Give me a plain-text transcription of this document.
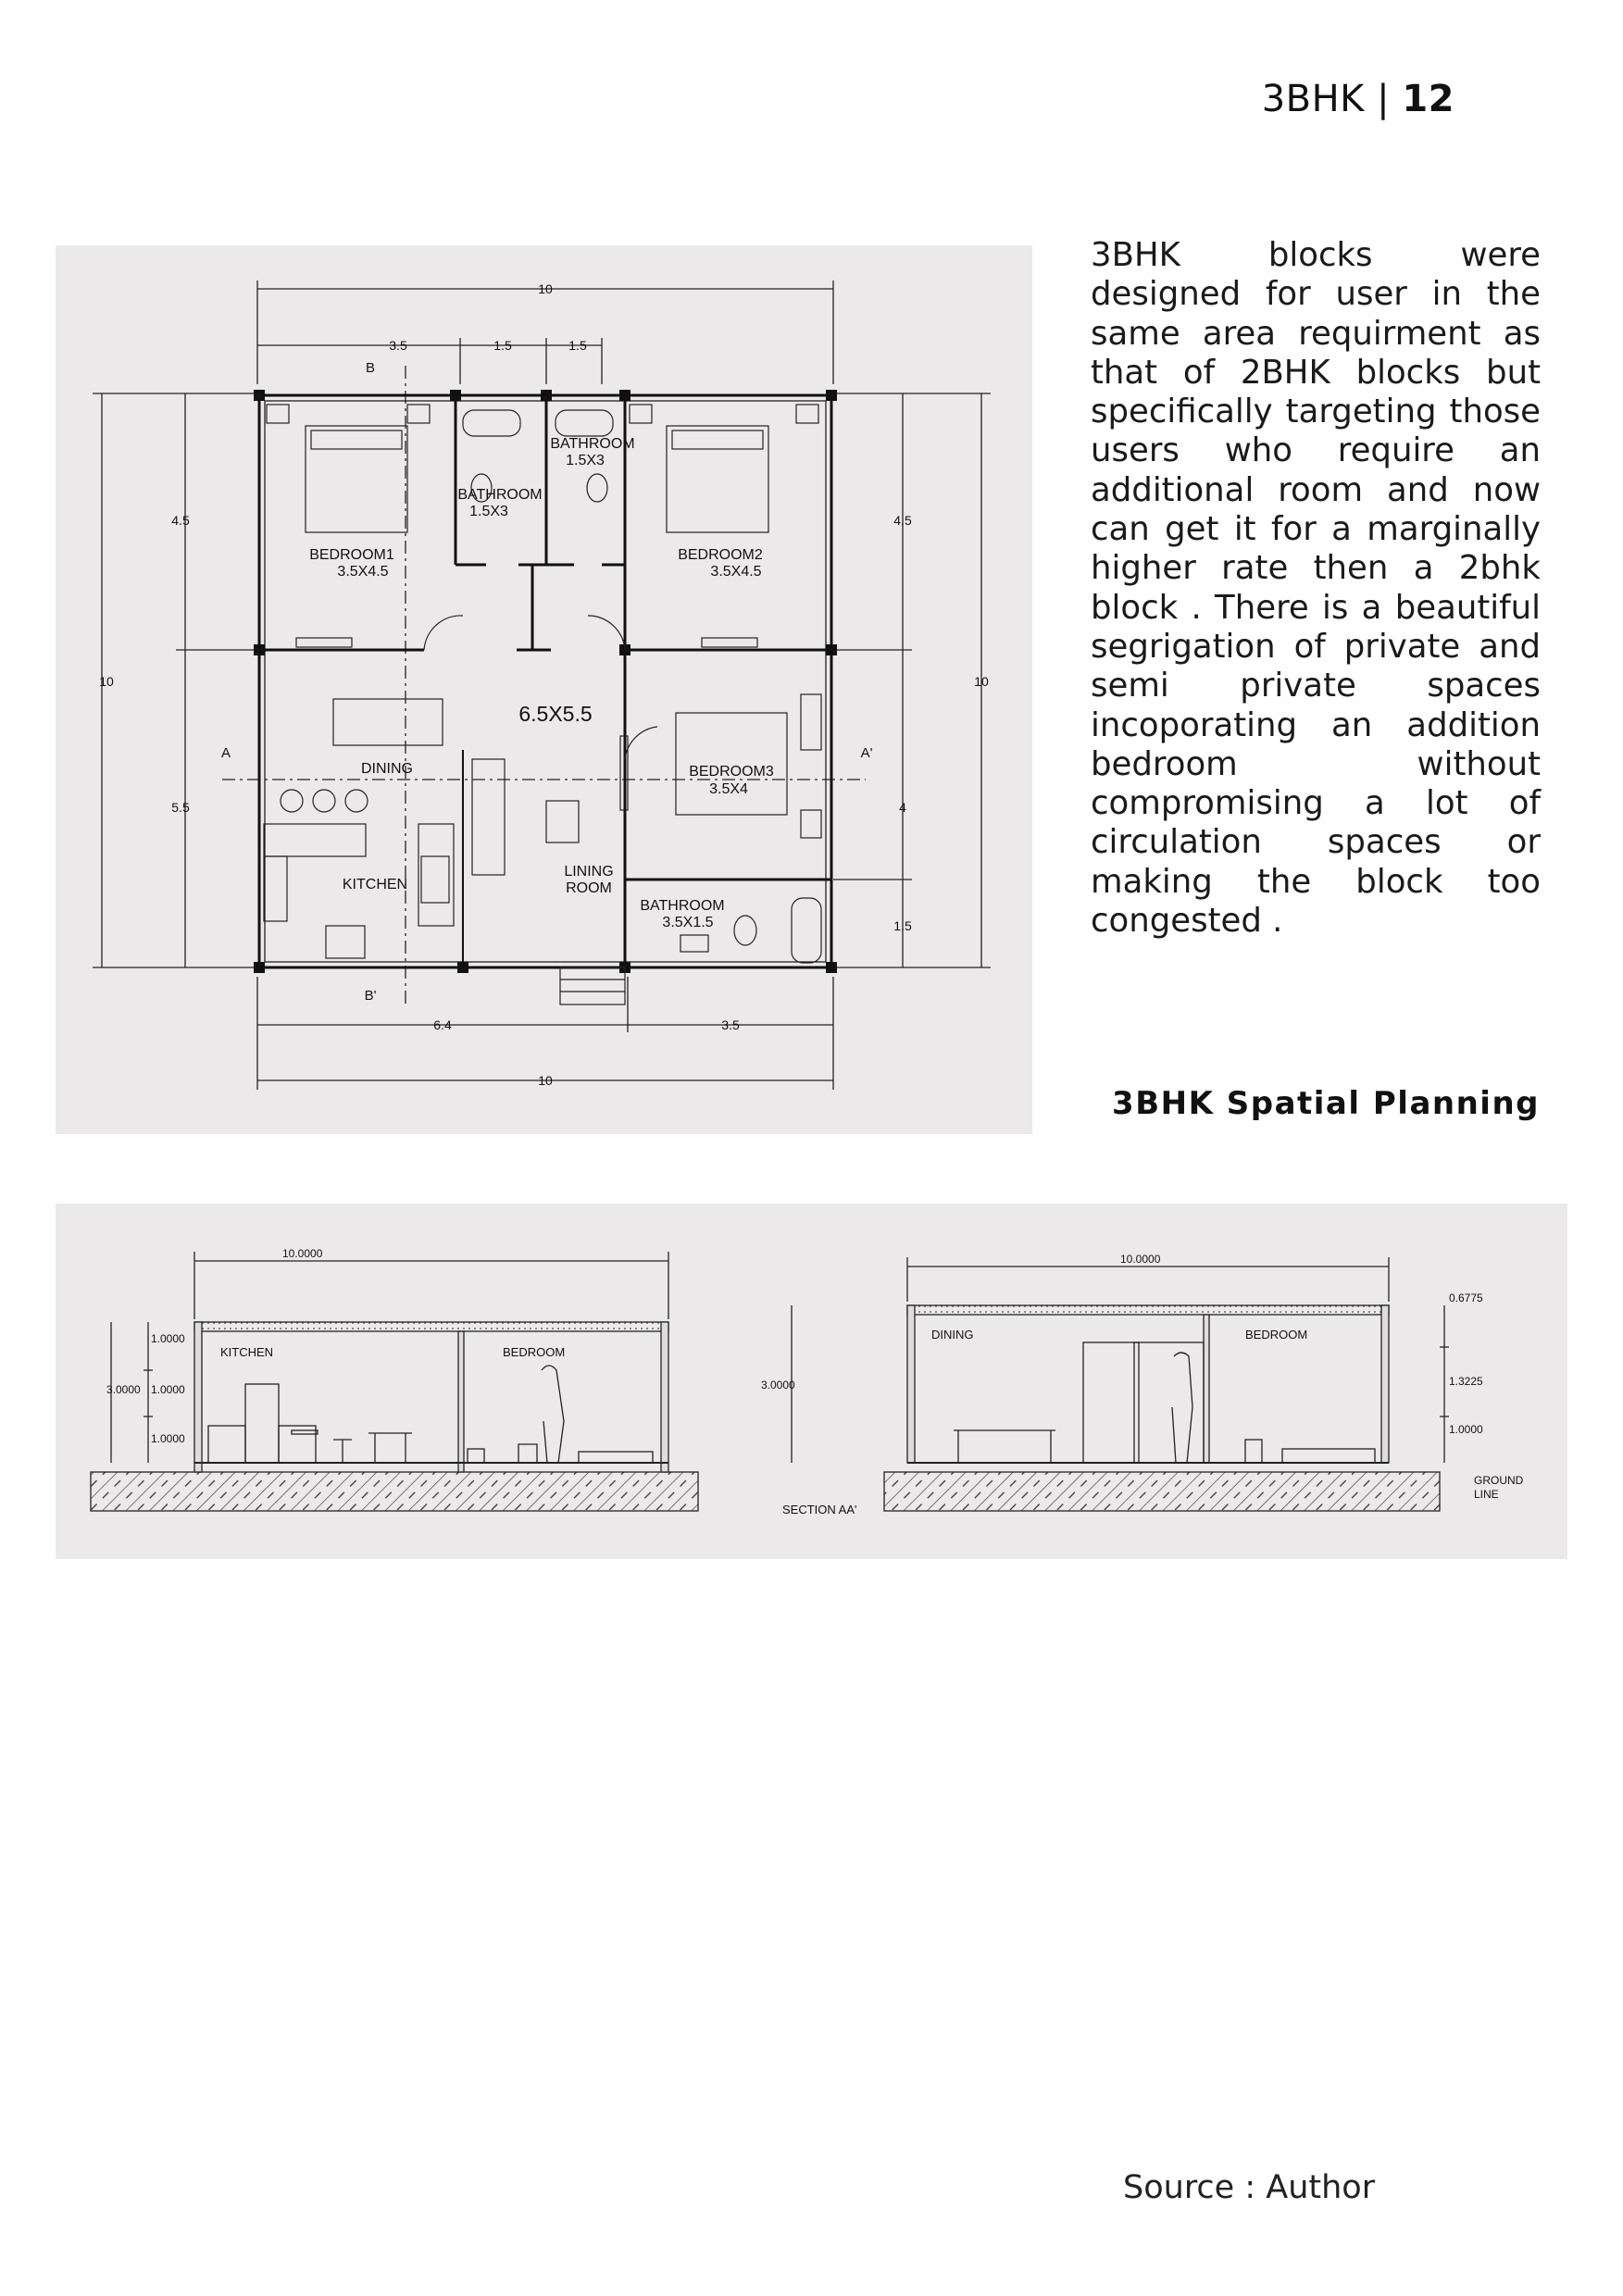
3BHK | 12
10
3.5	1.5	1.5
10
4.5
5.5
10
4.5
4
1.5
6.4	3.5
10
B
B'
A	A'
BEDROOM1
3.5X4.5
BATHROOM
1.5X3
BATHROOM
1.5X3
BEDROOM2
3.5X4.5
6.5X5.5
DINING	BEDROOM3
3.5X4
KITCHEN
LINING
ROOM
BATHROOM
3.5X1.5
3BHK blocks were designed for user in the same area requirment as that of 2BHK blocks but specifically targeting those users who require an additional room and now can get it for a marginally higher rate then a 2bhk block . There is a beautiful segrigation of private and semi private spaces incoporating an addition bedroom without compromising a lot of circulation spaces or making the block too congested .
3BHK Spatial Planning
10.0000
1.0000
1.0000
1.0000
3.0000
KITCHEN	BEDROOM
10.0000
3.0000
0.6775
1.3225
1.0000
DINING	BEDROOM
SECTION AA'
GROUND
LINE
Source : Author
